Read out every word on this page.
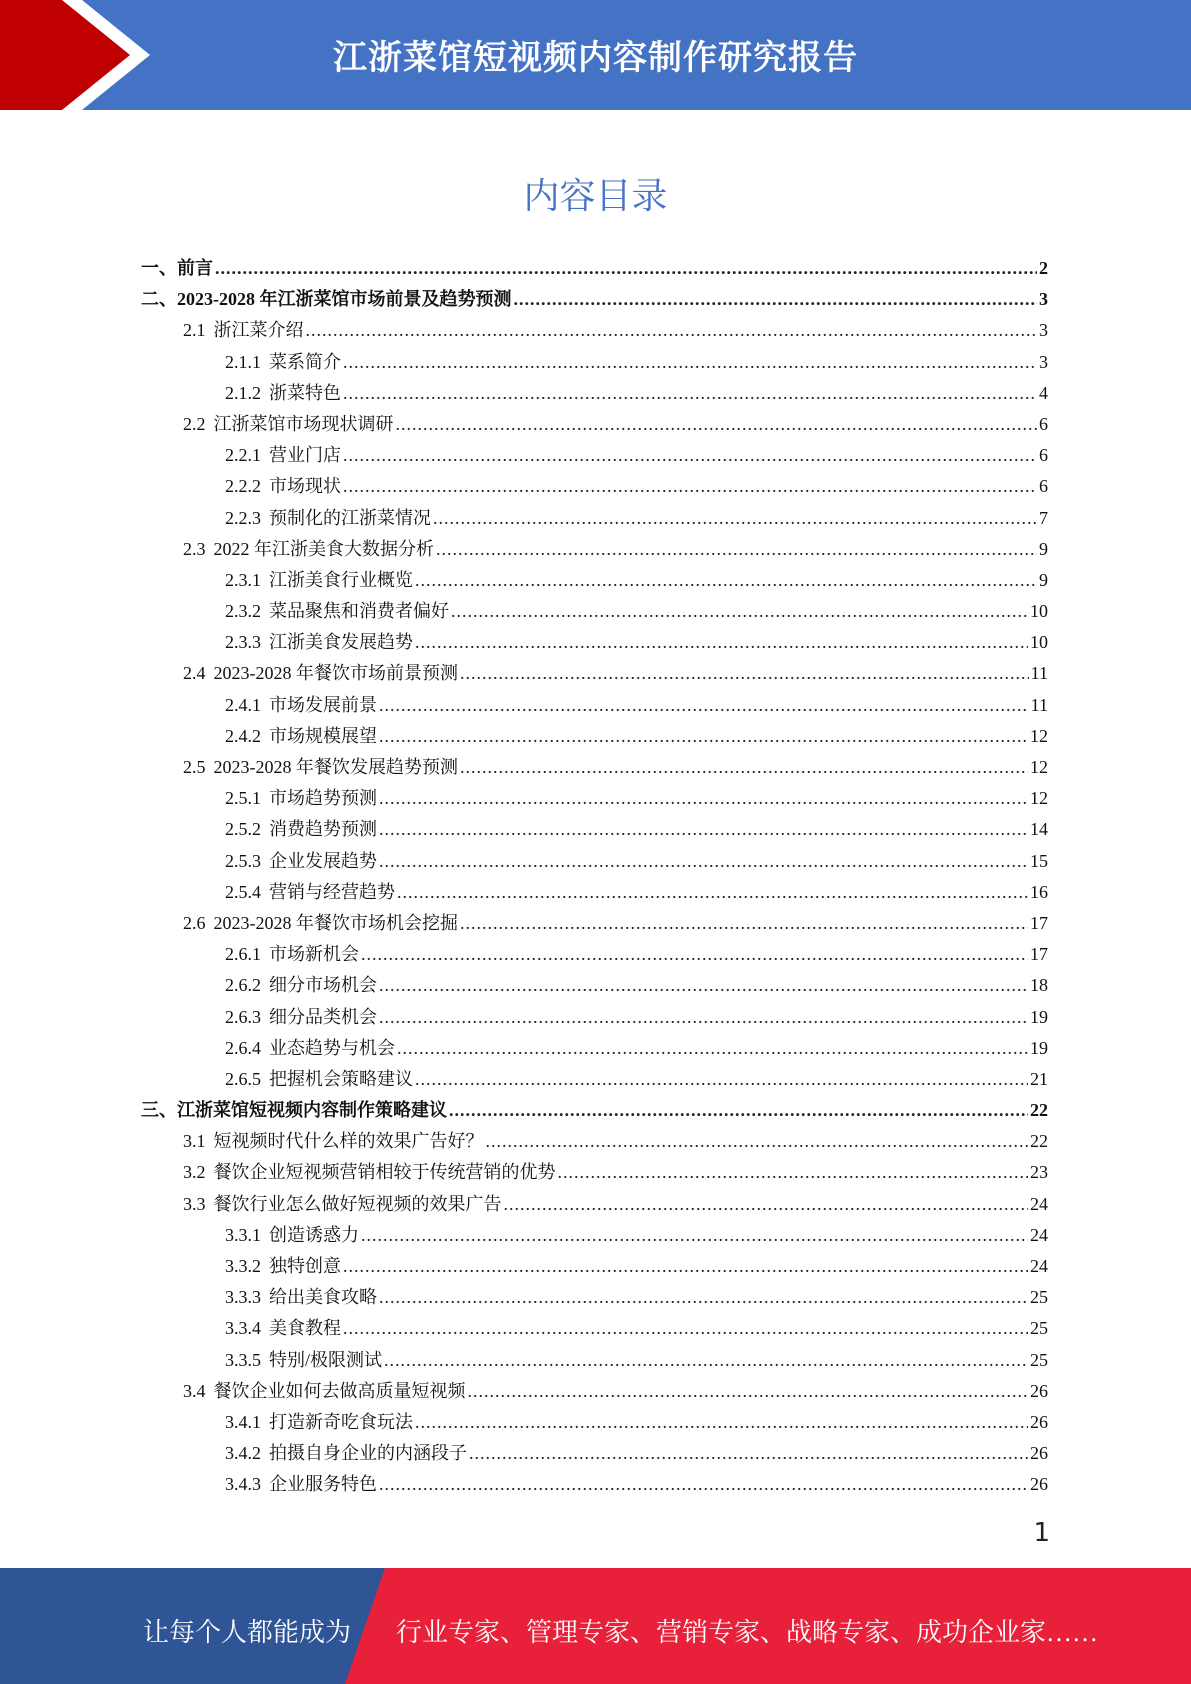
江浙菜馆短视频内容制作研究报告
内容目录
一、 前言 .....	2
二、 2023-2028 年江浙菜馆市场前景及趋势预测 .....	3
2.1 浙江菜介绍 .....	3
2.1.1 菜系简介 .....	3
2.1.2 浙菜特色 .....	4
2.2 江浙菜馆市场现状调研 .....	6
2.2.1 营业门店 .....	6
2.2.2 市场现状 .....	6
2.2.3 预制化的江浙菜情况 .....	7
2.3 2022 年江浙美食大数据分析 .....	9
2.3.1 江浙美食行业概览 .....	9
2.3.2 菜品聚焦和消费者偏好 .....	10
2.3.3 江浙美食发展趋势 .....	10
2.4 2023-2028 年餐饮市场前景预测 .....	11
2.4.1 市场发展前景 .....	11
2.4.2 市场规模展望 .....	12
2.5 2023-2028 年餐饮发展趋势预测 .....	12
2.5.1 市场趋势预测 .....	12
2.5.2 消费趋势预测 .....	14
2.5.3 企业发展趋势 .....	15
2.5.4 营销与经营趋势 .....	16
2.6 2023-2028 年餐饮市场机会挖掘 .....	17
2.6.1 市场新机会 .....	17
2.6.2 细分市场机会 .....	18
2.6.3 细分品类机会 .....	19
2.6.4 业态趋势与机会 .....	19
2.6.5 把握机会策略建议 .....	21
三、 江浙菜馆短视频内容制作策略建议 .....	22
3.1 短视频时代什么样的效果广告好？ .....	22
3.2 餐饮企业短视频营销相较于传统营销的优势 .....	23
3.3 餐饮行业怎么做好短视频的效果广告 .....	24
3.3.1 创造诱惑力 .....	24
3.3.2 独特创意 .....	24
3.3.3 给出美食攻略 .....	25
3.3.4 美食教程 .....	25
3.3.5 特别/极限测试 .....	25
3.4 餐饮企业如何去做高质量短视频 .....	26
3.4.1 打造新奇吃食玩法 .....	26
3.4.2 拍摄自身企业的内涵段子 .....	26
3.4.3 企业服务特色 .....	26
1
让每个人都能成为 行业专家、管理专家、营销专家、战略专家、成功企业家……
